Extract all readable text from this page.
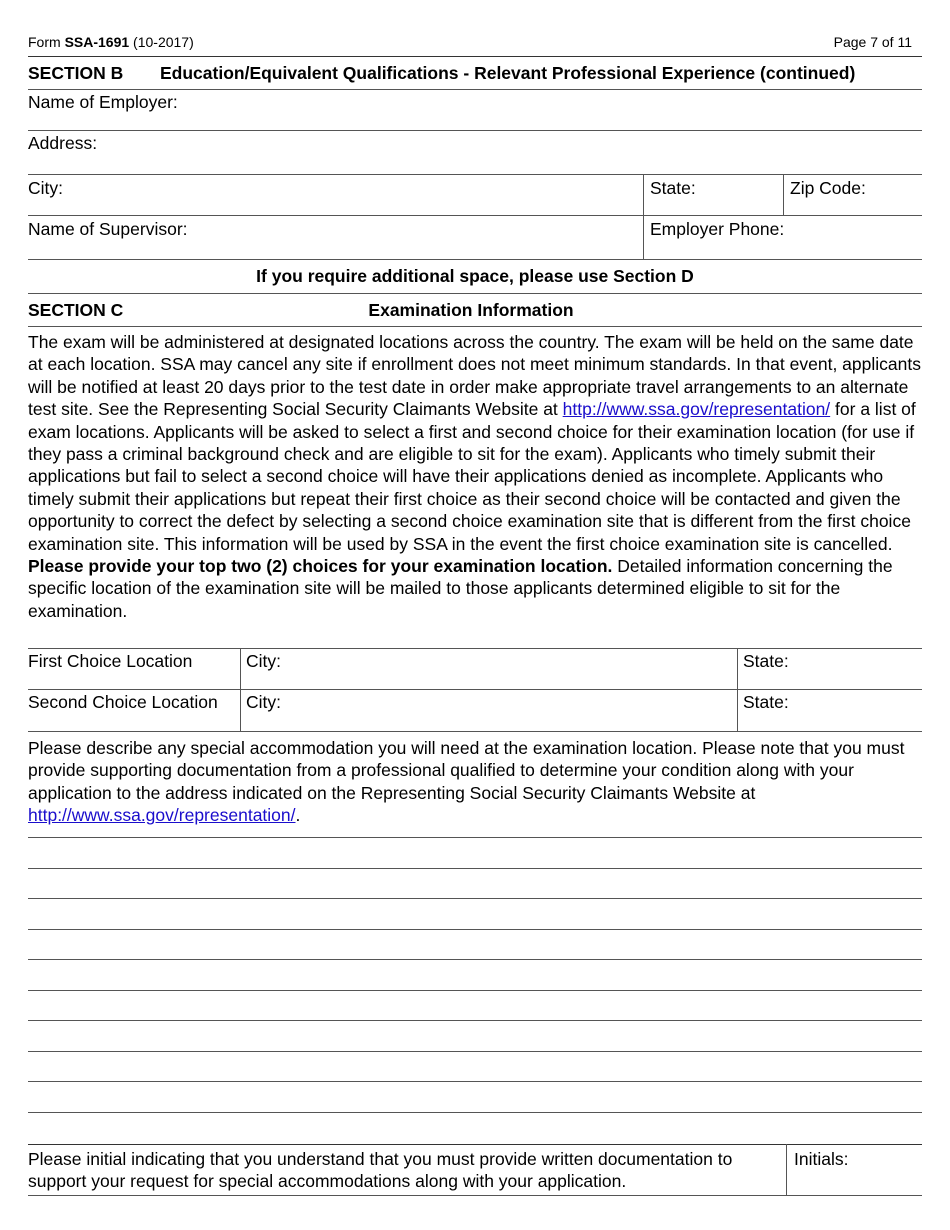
Form SSA-1691 (10-2017)	Page 7 of 11
SECTION B Education/Equivalent Qualifications - Relevant Professional Experience (continued)
Name of Employer:
Address:
City:	State:	Zip Code:
Name of Supervisor:	Employer Phone:
If you require additional space, please use Section D
SECTION C	Examination Information
The exam will be administered at designated locations across the country. The exam will be held on the same date at each location. SSA may cancel any site if enrollment does not meet minimum standards. In that event, applicants will be notified at least 20 days prior to the test date in order make appropriate travel arrangements to an alternate test site. See the Representing Social Security Claimants Website at http://www.ssa.gov/representation/ for a list of exam locations. Applicants will be asked to select a first and second choice for their examination location (for use if they pass a criminal background check and are eligible to sit for the exam). Applicants who timely submit their applications but fail to select a second choice will have their applications denied as incomplete. Applicants who timely submit their applications but repeat their first choice as their second choice will be contacted and given the opportunity to correct the defect by selecting a second choice examination site that is different from the first choice examination site. This information will be used by SSA in the event the first choice examination site is cancelled. Please provide your top two (2) choices for your examination location. Detailed information concerning the specific location of the examination site will be mailed to those applicants determined eligible to sit for the examination.
First Choice Location	City:	State:
Second Choice Location City:	State:
Please describe any special accommodation you will need at the examination location. Please note that you must provide supporting documentation from a professional qualified to determine your condition along with your application to the address indicated on the Representing Social Security Claimants Website at http://www.ssa.gov/representation/.
Please initial indicating that you understand that you must provide written documentation to support your request for special accommodations along with your application.
Initials:
